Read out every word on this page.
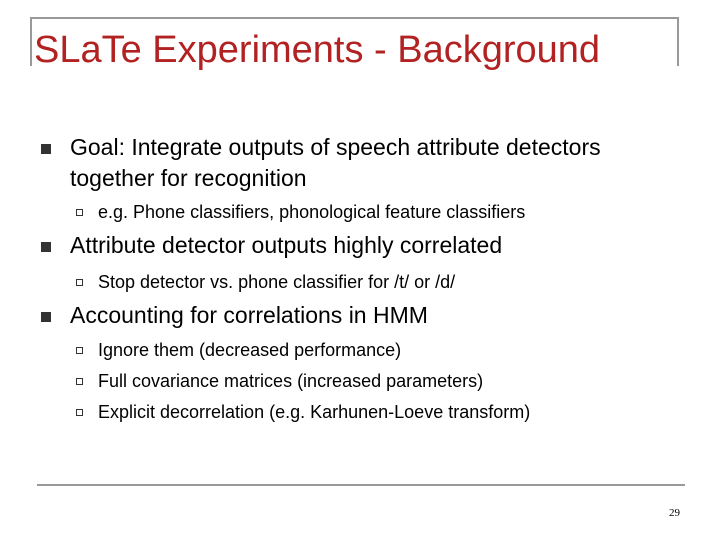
SLaTe Experiments - Background
Goal: Integrate outputs of speech attribute detectors together for recognition
e.g. Phone classifiers, phonological feature classifiers
Attribute detector outputs highly correlated
Stop detector vs. phone classifier for /t/ or /d/
Accounting for correlations in HMM
Ignore them (decreased performance)
Full covariance matrices (increased parameters)
Explicit decorrelation (e.g. Karhunen-Loeve transform)
29
